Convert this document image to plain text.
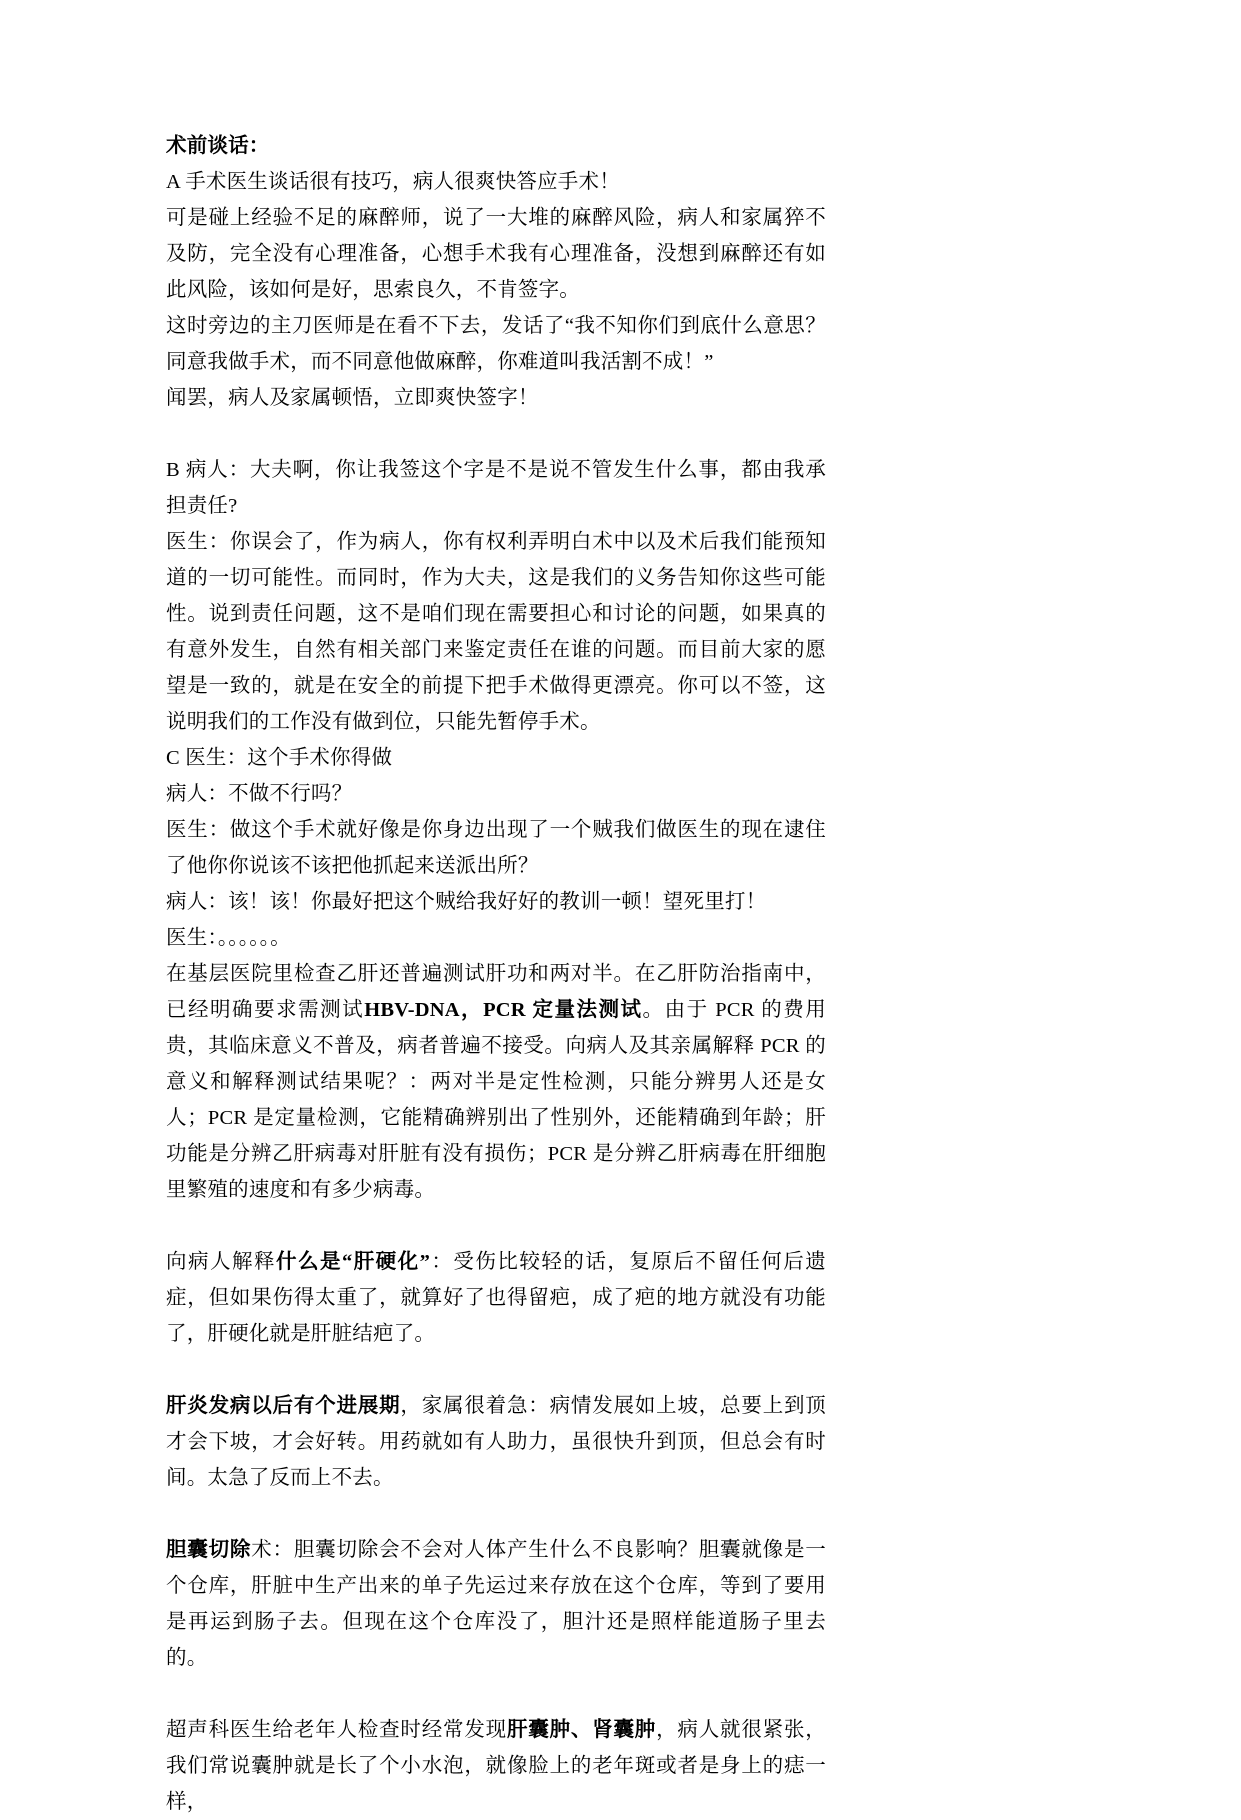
术前谈话：

A 手术医生谈话很有技巧，病人很爽快答应手术！

可是碰上经验不足的麻醉师，说了一大堆的麻醉风险，病人和家属猝不及防，完全没有心理准备，心想手术我有心理准备，没想到麻醉还有如此风险，该如何是好，思索良久，不肯签字。

这时旁边的主刀医师是在看不下去，发话了“我不知你们到底什么意思？同意我做手术，而不同意他做麻醉，你难道叫我活割不成！”

闻罢，病人及家属顿悟，立即爽快签字！

B 病人：大夫啊，你让我签这个字是不是说不管发生什么事，都由我承担责任?

医生：你误会了，作为病人，你有权利弄明白术中以及术后我们能预知道的一切可能性。而同时，作为大夫，这是我们的义务告知你这些可能性。说到责任问题，这不是咱们现在需要担心和讨论的问题，如果真的有意外发生，自然有相关部门来鉴定责任在谁的问题。而目前大家的愿望是一致的，就是在安全的前提下把手术做得更漂亮。你可以不签，这说明我们的工作没有做到位，只能先暂停手术。

C 医生：这个手术你得做

病人：不做不行吗？

医生：做这个手术就好像是你身边出现了一个贼我们做医生的现在逮住了他你你说该不该把他抓起来送派出所？

病人：该！该！你最好把这个贼给我好好的教训一顿！望死里打！

医生：。。。。。。

在基层医院里检查乙肝还普遍测试肝功和两对半。在乙肝防治指南中，已经明确要求需测试HBV-DNA，PCR 定量法测试。由于 PCR 的费用贵，其临床意义不普及，病者普遍不接受。向病人及其亲属解释 PCR 的意义和解释测试结果呢？：两对半是定性检测，只能分辨男人还是女人；PCR 是定量检测，它能精确辨别出了性别外，还能精确到年龄；肝功能是分辨乙肝病毒对肝脏有没有损伤；PCR 是分辨乙肝病毒在肝细胞里繁殖的速度和有多少病毒。

向病人解释什么是“肝硬化”：受伤比较轻的话，复原后不留任何后遗症，但如果伤得太重了，就算好了也得留疤，成了疤的地方就没有功能了，肝硬化就是肝脏结疤了。

肝炎发病以后有个进展期，家属很着急：病情发展如上坡，总要上到顶才会下坡，才会好转。用药就如有人助力，虽很快升到顶，但总会有时间。太急了反而上不去。

胆囊切除术：胆囊切除会不会对人体产生什么不良影响？胆囊就像是一个仓库，肝脏中生产出来的单子先运过来存放在这个仓库，等到了要用是再运到肠子去。但现在这个仓库没了，胆汁还是照样能道肠子里去的。

超声科医生给老年人检查时经常发现肝囊肿、肾囊肿，病人就很紧张，我们常说囊肿就是长了个小水泡，就像脸上的老年斑或者是身上的痣一样，
